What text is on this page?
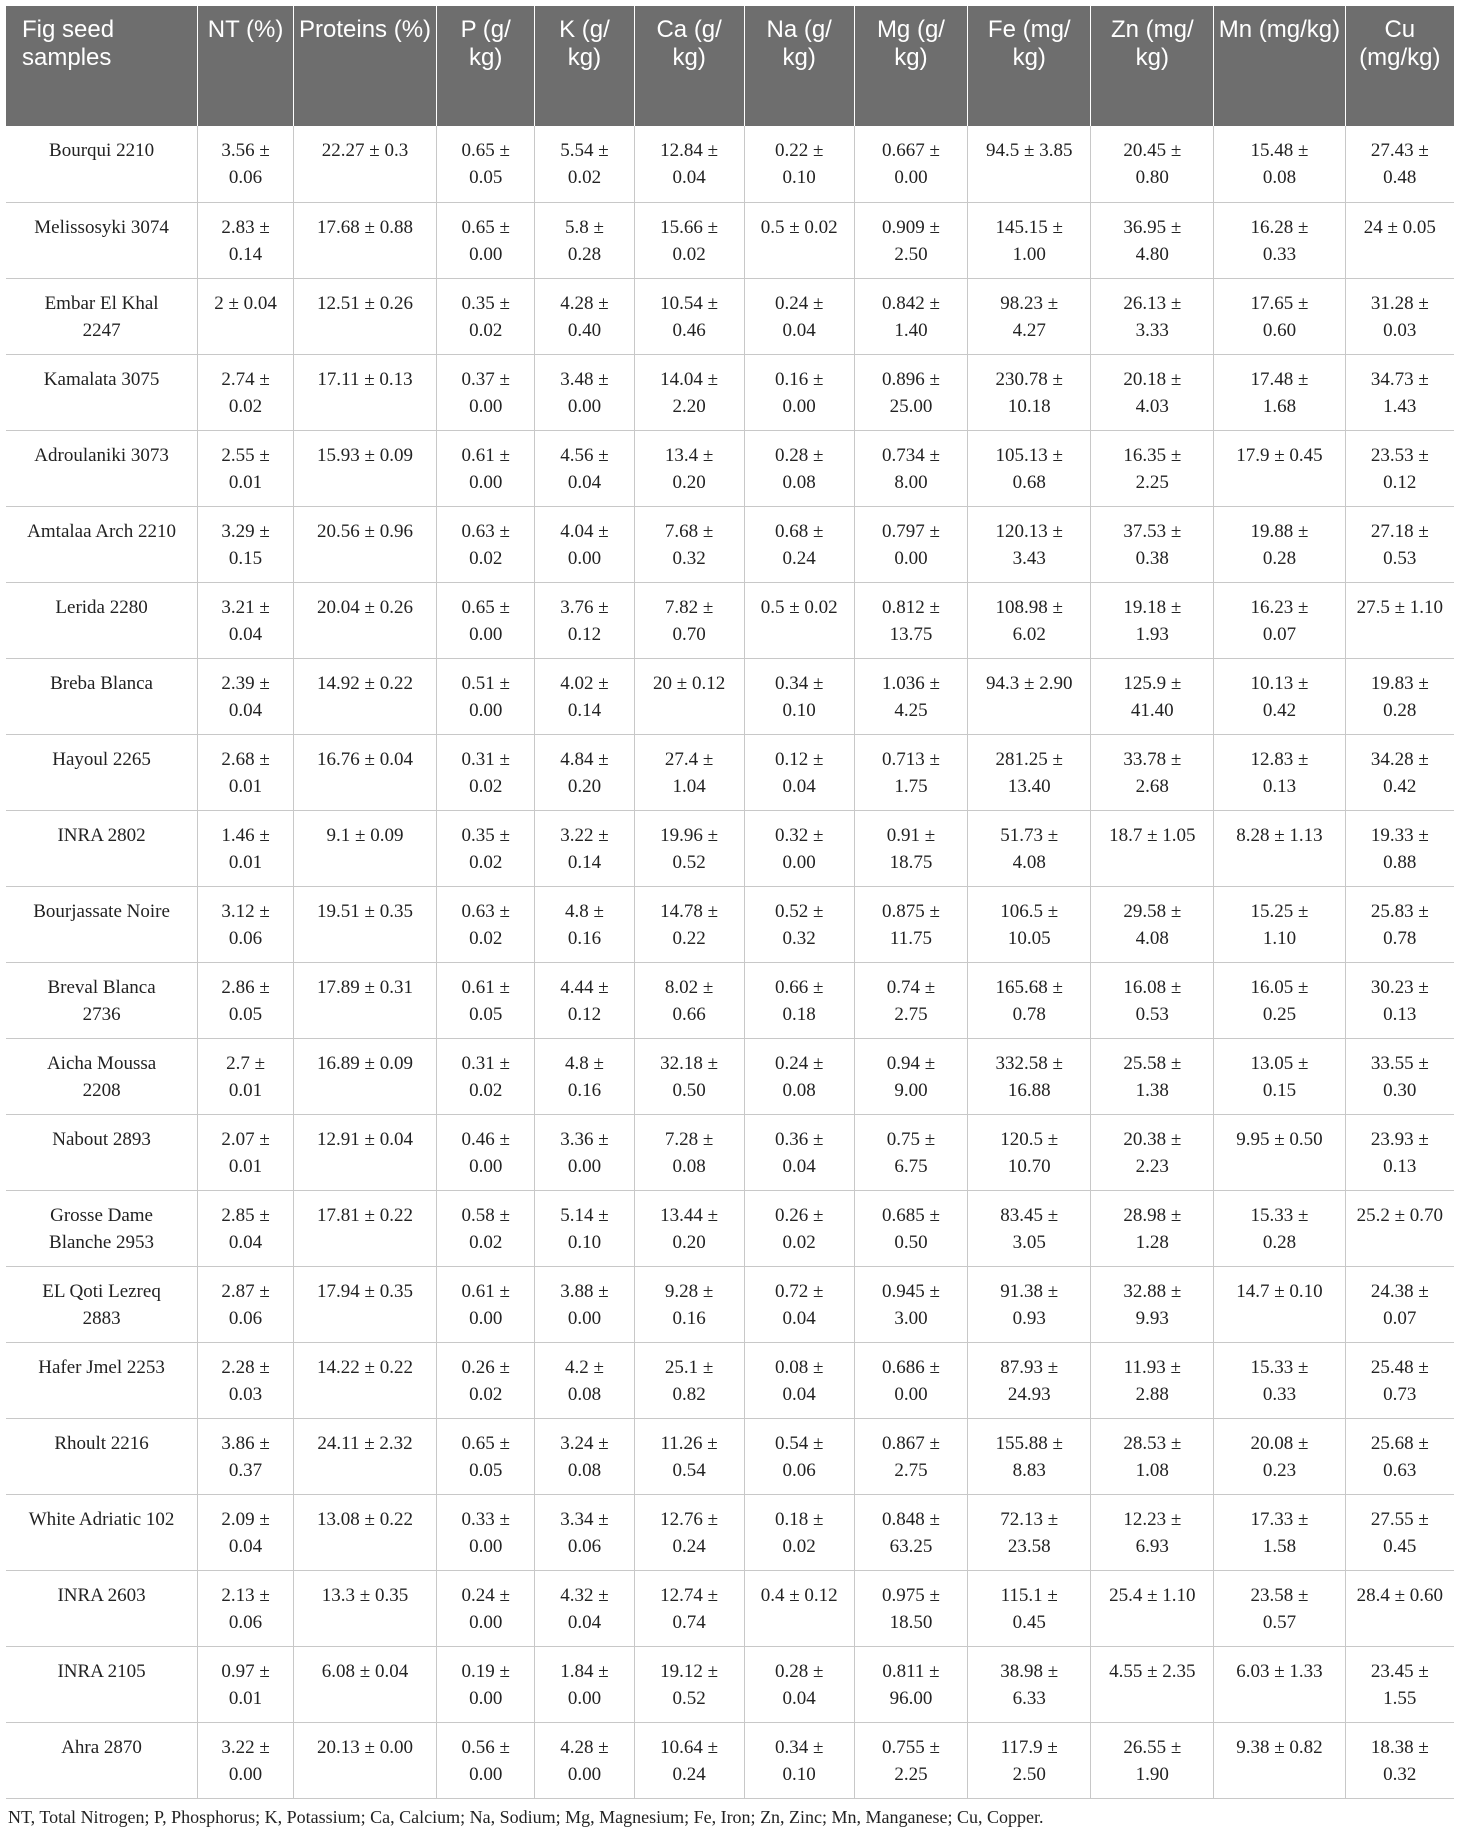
Fig seed samples	NT (%)	Proteins (%)	P (g/ kg)	K (g/ kg)	Ca (g/ kg)	Na (g/ kg)	Mg (g/ kg)	Fe (mg/ kg)	Zn (mg/ kg)	Mn (mg/kg)	Cu (mg/kg)
Bourqui 2210	3.56 ± 0.06	22.27 ± 0.3	0.65 ± 0.05	5.54 ± 0.02	12.84 ± 0.04	0.22 ± 0.10	0.667 ± 0.00	94.5 ± 3.85	20.45 ± 0.80	15.48 ± 0.08	27.43 ± 0.48
Melissosyki 3074	2.83 ± 0.14	17.68 ± 0.88	0.65 ± 0.00	5.8 ± 0.28	15.66 ± 0.02	0.5 ± 0.02	0.909 ± 2.50	145.15 ± 1.00	36.95 ± 4.80	16.28 ± 0.33	24 ± 0.05
Embar El Khal 2247	2 ± 0.04	12.51 ± 0.26	0.35 ± 0.02	4.28 ± 0.40	10.54 ± 0.46	0.24 ± 0.04	0.842 ± 1.40	98.23 ± 4.27	26.13 ± 3.33	17.65 ± 0.60	31.28 ± 0.03
Kamalata 3075	2.74 ± 0.02	17.11 ± 0.13	0.37 ± 0.00	3.48 ± 0.00	14.04 ± 2.20	0.16 ± 0.00	0.896 ± 25.00	230.78 ± 10.18	20.18 ± 4.03	17.48 ± 1.68	34.73 ± 1.43
Adroulaniki 3073	2.55 ± 0.01	15.93 ± 0.09	0.61 ± 0.00	4.56 ± 0.04	13.4 ± 0.20	0.28 ± 0.08	0.734 ± 8.00	105.13 ± 0.68	16.35 ± 2.25	17.9 ± 0.45	23.53 ± 0.12
Amtalaa Arch 2210	3.29 ± 0.15	20.56 ± 0.96	0.63 ± 0.02	4.04 ± 0.00	7.68 ± 0.32	0.68 ± 0.24	0.797 ± 0.00	120.13 ± 3.43	37.53 ± 0.38	19.88 ± 0.28	27.18 ± 0.53
Lerida 2280	3.21 ± 0.04	20.04 ± 0.26	0.65 ± 0.00	3.76 ± 0.12	7.82 ± 0.70	0.5 ± 0.02	0.812 ± 13.75	108.98 ± 6.02	19.18 ± 1.93	16.23 ± 0.07	27.5 ± 1.10
Breba Blanca	2.39 ± 0.04	14.92 ± 0.22	0.51 ± 0.00	4.02 ± 0.14	20 ± 0.12	0.34 ± 0.10	1.036 ± 4.25	94.3 ± 2.90	125.9 ± 41.40	10.13 ± 0.42	19.83 ± 0.28
Hayoul 2265	2.68 ± 0.01	16.76 ± 0.04	0.31 ± 0.02	4.84 ± 0.20	27.4 ± 1.04	0.12 ± 0.04	0.713 ± 1.75	281.25 ± 13.40	33.78 ± 2.68	12.83 ± 0.13	34.28 ± 0.42
INRA 2802	1.46 ± 0.01	9.1 ± 0.09	0.35 ± 0.02	3.22 ± 0.14	19.96 ± 0.52	0.32 ± 0.00	0.91 ± 18.75	51.73 ± 4.08	18.7 ± 1.05	8.28 ± 1.13	19.33 ± 0.88
Bourjassate Noire	3.12 ± 0.06	19.51 ± 0.35	0.63 ± 0.02	4.8 ± 0.16	14.78 ± 0.22	0.52 ± 0.32	0.875 ± 11.75	106.5 ± 10.05	29.58 ± 4.08	15.25 ± 1.10	25.83 ± 0.78
Breval Blanca 2736	2.86 ± 0.05	17.89 ± 0.31	0.61 ± 0.05	4.44 ± 0.12	8.02 ± 0.66	0.66 ± 0.18	0.74 ± 2.75	165.68 ± 0.78	16.08 ± 0.53	16.05 ± 0.25	30.23 ± 0.13
Aicha Moussa 2208	2.7 ± 0.01	16.89 ± 0.09	0.31 ± 0.02	4.8 ± 0.16	32.18 ± 0.50	0.24 ± 0.08	0.94 ± 9.00	332.58 ± 16.88	25.58 ± 1.38	13.05 ± 0.15	33.55 ± 0.30
Nabout 2893	2.07 ± 0.01	12.91 ± 0.04	0.46 ± 0.00	3.36 ± 0.00	7.28 ± 0.08	0.36 ± 0.04	0.75 ± 6.75	120.5 ± 10.70	20.38 ± 2.23	9.95 ± 0.50	23.93 ± 0.13
Grosse Dame Blanche 2953	2.85 ± 0.04	17.81 ± 0.22	0.58 ± 0.02	5.14 ± 0.10	13.44 ± 0.20	0.26 ± 0.02	0.685 ± 0.50	83.45 ± 3.05	28.98 ± 1.28	15.33 ± 0.28	25.2 ± 0.70
EL Qoti Lezreq 2883	2.87 ± 0.06	17.94 ± 0.35	0.61 ± 0.00	3.88 ± 0.00	9.28 ± 0.16	0.72 ± 0.04	0.945 ± 3.00	91.38 ± 0.93	32.88 ± 9.93	14.7 ± 0.10	24.38 ± 0.07
Hafer Jmel 2253	2.28 ± 0.03	14.22 ± 0.22	0.26 ± 0.02	4.2 ± 0.08	25.1 ± 0.82	0.08 ± 0.04	0.686 ± 0.00	87.93 ± 24.93	11.93 ± 2.88	15.33 ± 0.33	25.48 ± 0.73
Rhoult 2216	3.86 ± 0.37	24.11 ± 2.32	0.65 ± 0.05	3.24 ± 0.08	11.26 ± 0.54	0.54 ± 0.06	0.867 ± 2.75	155.88 ± 8.83	28.53 ± 1.08	20.08 ± 0.23	25.68 ± 0.63
White Adriatic 102	2.09 ± 0.04	13.08 ± 0.22	0.33 ± 0.00	3.34 ± 0.06	12.76 ± 0.24	0.18 ± 0.02	0.848 ± 63.25	72.13 ± 23.58	12.23 ± 6.93	17.33 ± 1.58	27.55 ± 0.45
INRA 2603	2.13 ± 0.06	13.3 ± 0.35	0.24 ± 0.00	4.32 ± 0.04	12.74 ± 0.74	0.4 ± 0.12	0.975 ± 18.50	115.1 ± 0.45	25.4 ± 1.10	23.58 ± 0.57	28.4 ± 0.60
INRA 2105	0.97 ± 0.01	6.08 ± 0.04	0.19 ± 0.00	1.84 ± 0.00	19.12 ± 0.52	0.28 ± 0.04	0.811 ± 96.00	38.98 ± 6.33	4.55 ± 2.35	6.03 ± 1.33	23.45 ± 1.55
Ahra 2870	3.22 ± 0.00	20.13 ± 0.00	0.56 ± 0.00	4.28 ± 0.00	10.64 ± 0.24	0.34 ± 0.10	0.755 ± 2.25	117.9 ± 2.50	26.55 ± 1.90	9.38 ± 0.82	18.38 ± 0.32
NT, Total Nitrogen; P, Phosphorus; K, Potassium; Ca, Calcium; Na, Sodium; Mg, Magnesium; Fe, Iron; Zn, Zinc; Mn, Manganese; Cu, Copper.
